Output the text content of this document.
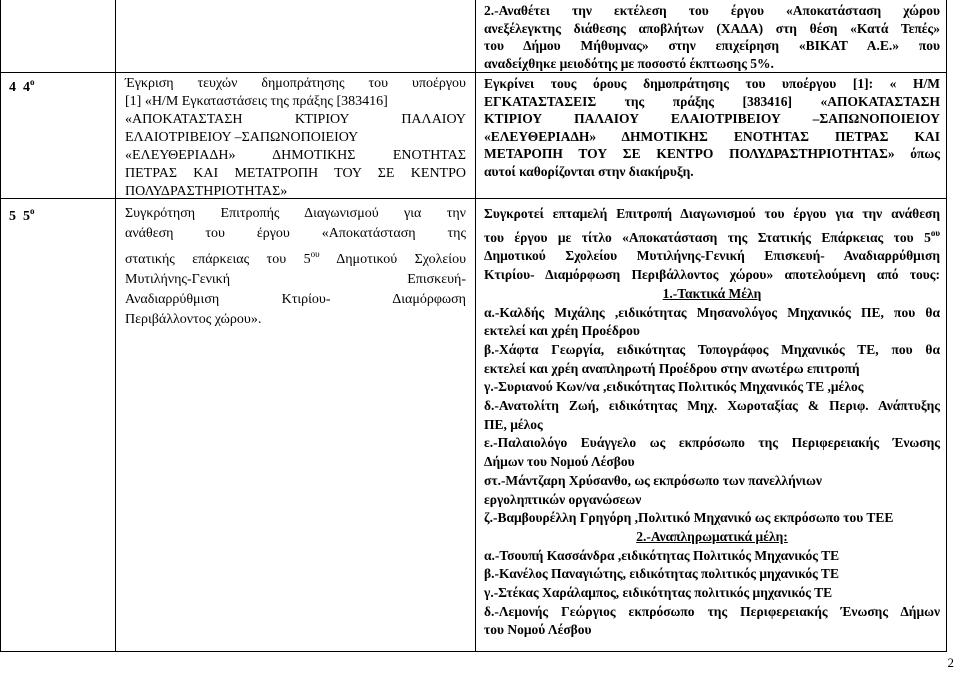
2.-Αναθέτει την εκτέλεση του έργου «Αποκατάσταση χώρου
ανεξέλεγκτης διάθεσης αποβλήτων (ΧΑΔΑ) στη θέση «Κατά Τεπές»
του Δήμου Μήθυμνας» στην επιχείρηση «ΒΙΚΑΤ Α.Ε.» που
αναδείχθηκε μειοδότης με ποσοστό έκπτωσης 5%.
4 $4^o$	Έγκριση τευχών δημοπράτησης του υποέργου
[1] «Η/Μ Εγκαταστάσεις της πράξης [383416]
«ΑΠΟΚΑΤΑΣΤΑΣΗ ΚΤΙΡΙΟΥ ΠΑΛΑΙΟΥ
ΕΛΑΙΟΤΡΙΒΕΙΟΥ –ΣΑΠΩΝΟΠΟΙΕΙΟΥ
«ΕΛΕΥΘΕΡΙΑΔΗ» ΔΗΜΟΤΙΚΗΣ ΕΝΟΤΗΤΑΣ
ΠΕΤΡΑΣ ΚΑΙ ΜΕΤΑΤΡΟΠΗ ΤΟΥ ΣΕ ΚΕΝΤΡΟ
ΠΟΛΥΔΡΑΣΤΗΡΙΟΤΗΤΑΣ»
Εγκρίνει τους όρους δημοπράτησης του υποέργου [1]: « Η/Μ
ΕΓΚΑΤΑΣΤΑΣΕΙΣ της πράξης [383416] «ΑΠΟΚΑΤΑΣΤΑΣΗ
ΚΤΙΡΙΟΥ ΠΑΛΑΙΟΥ ΕΛΑΙΟΤΡΙΒΕΙΟΥ –ΣΑΠΩΝΟΠΟΙΕΙΟΥ
«ΕΛΕΥΘΕΡΙΑΔΗ» ΔΗΜΟΤΙΚΗΣ ΕΝΟΤΗΤΑΣ ΠΕΤΡΑΣ ΚΑΙ
ΜΕΤΑΡΟΠΗ ΤΟΥ ΣΕ ΚΕΝΤΡΟ ΠΟΛΥΔΡΑΣΤΗΡΙΟΤΗΤΑΣ» όπως
αυτοί καθορίζονται στην διακήρυξη.
5 $5^o$	Συγκρότηση Επιτροπής Διαγωνισμού για την
ανάθεση του έργου «Αποκατάσταση της
στατικής επάρκειας του $5^{o\upsilon}$ Δημοτικού Σχολείου
Μυτιλήνης-Γενική Επισκευή-
Αναδιαρρύθμιση Κτιρίου- Διαμόρφωση
Περιβάλλοντος χώρου».
Συγκροτεί επταμελή Επιτροπή Διαγωνισμού του έργου για την ανάθεση
του έργου με τίτλο «Αποκατάσταση της Στατικής Επάρκειας του $5^{o\upsilon}$
Δημοτικού Σχολείου Μυτιλήνης-Γενική Επισκευή- Αναδιαρρύθμιση
Κτιρίου- Διαμόρφωση Περιβάλλοντος χώρου» αποτελούμενη από τους:
1.-Τακτικά Μέλη
α.-Καλδής Μιχάλης ,ειδικότητας Μησανολόγος Μηχανικός ΠΕ, που θα
εκτελεί και χρέη Προέδρου
β.-Χάφτα Γεωργία, ειδικότητας Τοπογράφος Μηχανικός ΤΕ, που θα
εκτελεί και χρέη αναπληρωτή Προέδρου στην ανωτέρω επιτροπή
γ.-Συριανού Κων/να ,ειδικότητας Πολιτικός Μηχανικός ΤΕ ,μέλος
δ.-Ανατολίτη Ζωή, ειδικότητας Μηχ. Χωροταξίας & Περιφ. Ανάπτυξης
ΠΕ, μέλος
ε.-Παλαιολόγο Ευάγγελο ως εκπρόσωπο της Περιφερειακής Ένωσης
Δήμων του Νομού Λέσβου
στ.-Μάντζαρη Χρύσανθο, ως εκπρόσωπο των πανελλήνιων
εργοληπτικών οργανώσεων
ζ.-Βαμβουρέλλη Γρηγόρη ,Πολιτικό Μηχανικό ως εκπρόσωπο του ΤΕΕ
2.-Αναπληρωματικά μέλη:
α.-Τσουπή Κασσάνδρα ,ειδικότητας Πολιτικός Μηχανικός ΤΕ
β.-Κανέλος Παναγιώτης, ειδικότητας πολιτικός μηχανικός ΤΕ
γ.-Στέκας Χαράλαμπος, ειδικότητας πολιτικός μηχανικός ΤΕ
δ.-Λεμονής Γεώργιος εκπρόσωπο της Περιφερειακής Ένωσης Δήμων
του Νομού Λέσβου
2
